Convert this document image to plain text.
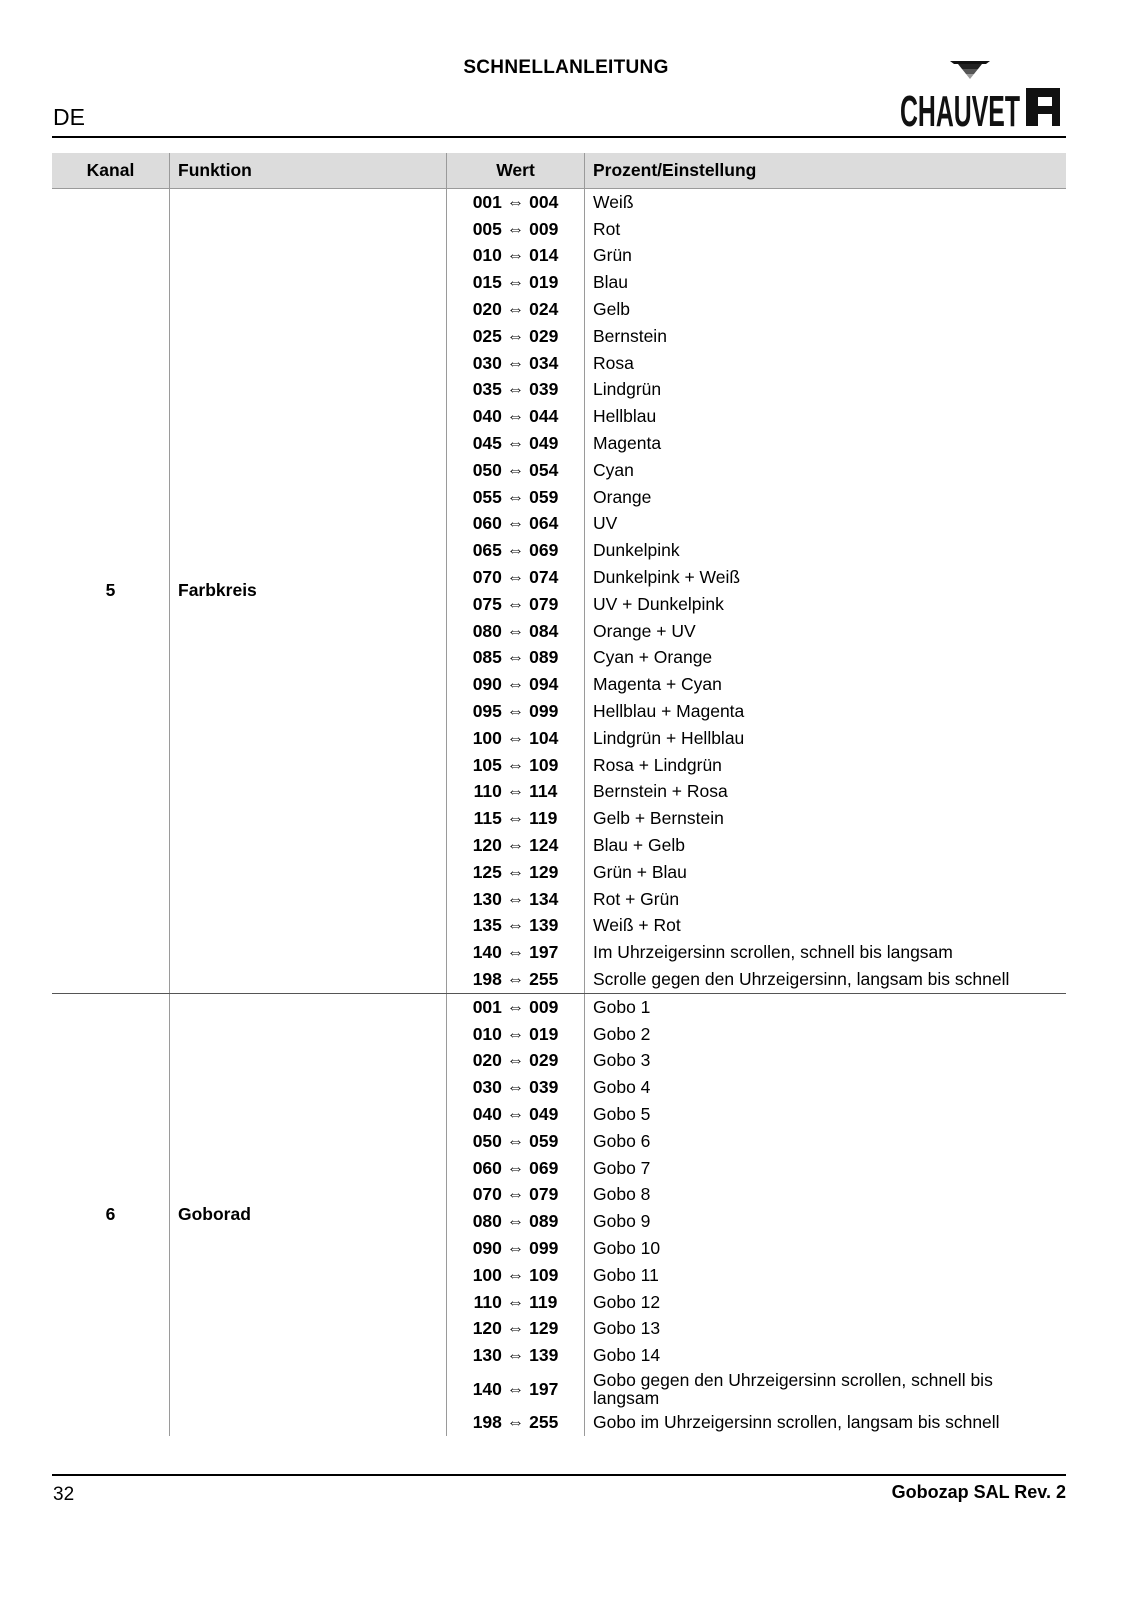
SCHNELLANLEITUNG
DE	CHAUVET
Kanal	Funktion	Wert	Prozent/Einstellung
5	Farbkreis	001 ⇔ 004	Weiß
		005 ⇔ 009	Rot
		010 ⇔ 014	Grün
		015 ⇔ 019	Blau
		020 ⇔ 024	Gelb
		025 ⇔ 029	Bernstein
		030 ⇔ 034	Rosa
		035 ⇔ 039	Lindgrün
		040 ⇔ 044	Hellblau
		045 ⇔ 049	Magenta
		050 ⇔ 054	Cyan
		055 ⇔ 059	Orange
		060 ⇔ 064	UV
		065 ⇔ 069	Dunkelpink
		070 ⇔ 074	Dunkelpink + Weiß
		075 ⇔ 079	UV + Dunkelpink
		080 ⇔ 084	Orange + UV
		085 ⇔ 089	Cyan + Orange
		090 ⇔ 094	Magenta + Cyan
		095 ⇔ 099	Hellblau + Magenta
		100 ⇔ 104	Lindgrün + Hellblau
		105 ⇔ 109	Rosa + Lindgrün
		110 ⇔ 114	Bernstein + Rosa
		115 ⇔ 119	Gelb + Bernstein
		120 ⇔ 124	Blau + Gelb
		125 ⇔ 129	Grün + Blau
		130 ⇔ 134	Rot + Grün
		135 ⇔ 139	Weiß + Rot
		140 ⇔ 197	Im Uhrzeigersinn scrollen, schnell bis langsam
		198 ⇔ 255	Scrolle gegen den Uhrzeigersinn, langsam bis schnell
6	Goborad	001 ⇔ 009	Gobo 1
		010 ⇔ 019	Gobo 2
		020 ⇔ 029	Gobo 3
		030 ⇔ 039	Gobo 4
		040 ⇔ 049	Gobo 5
		050 ⇔ 059	Gobo 6
		060 ⇔ 069	Gobo 7
		070 ⇔ 079	Gobo 8
		080 ⇔ 089	Gobo 9
		090 ⇔ 099	Gobo 10
		100 ⇔ 109	Gobo 11
		110 ⇔ 119	Gobo 12
		120 ⇔ 129	Gobo 13
		130 ⇔ 139	Gobo 14
		140 ⇔ 197	Gobo gegen den Uhrzeigersinn scrollen, schnell bis langsam
		198 ⇔ 255	Gobo im Uhrzeigersinn scrollen, langsam bis schnell
32	Gobozap SAL Rev. 2
